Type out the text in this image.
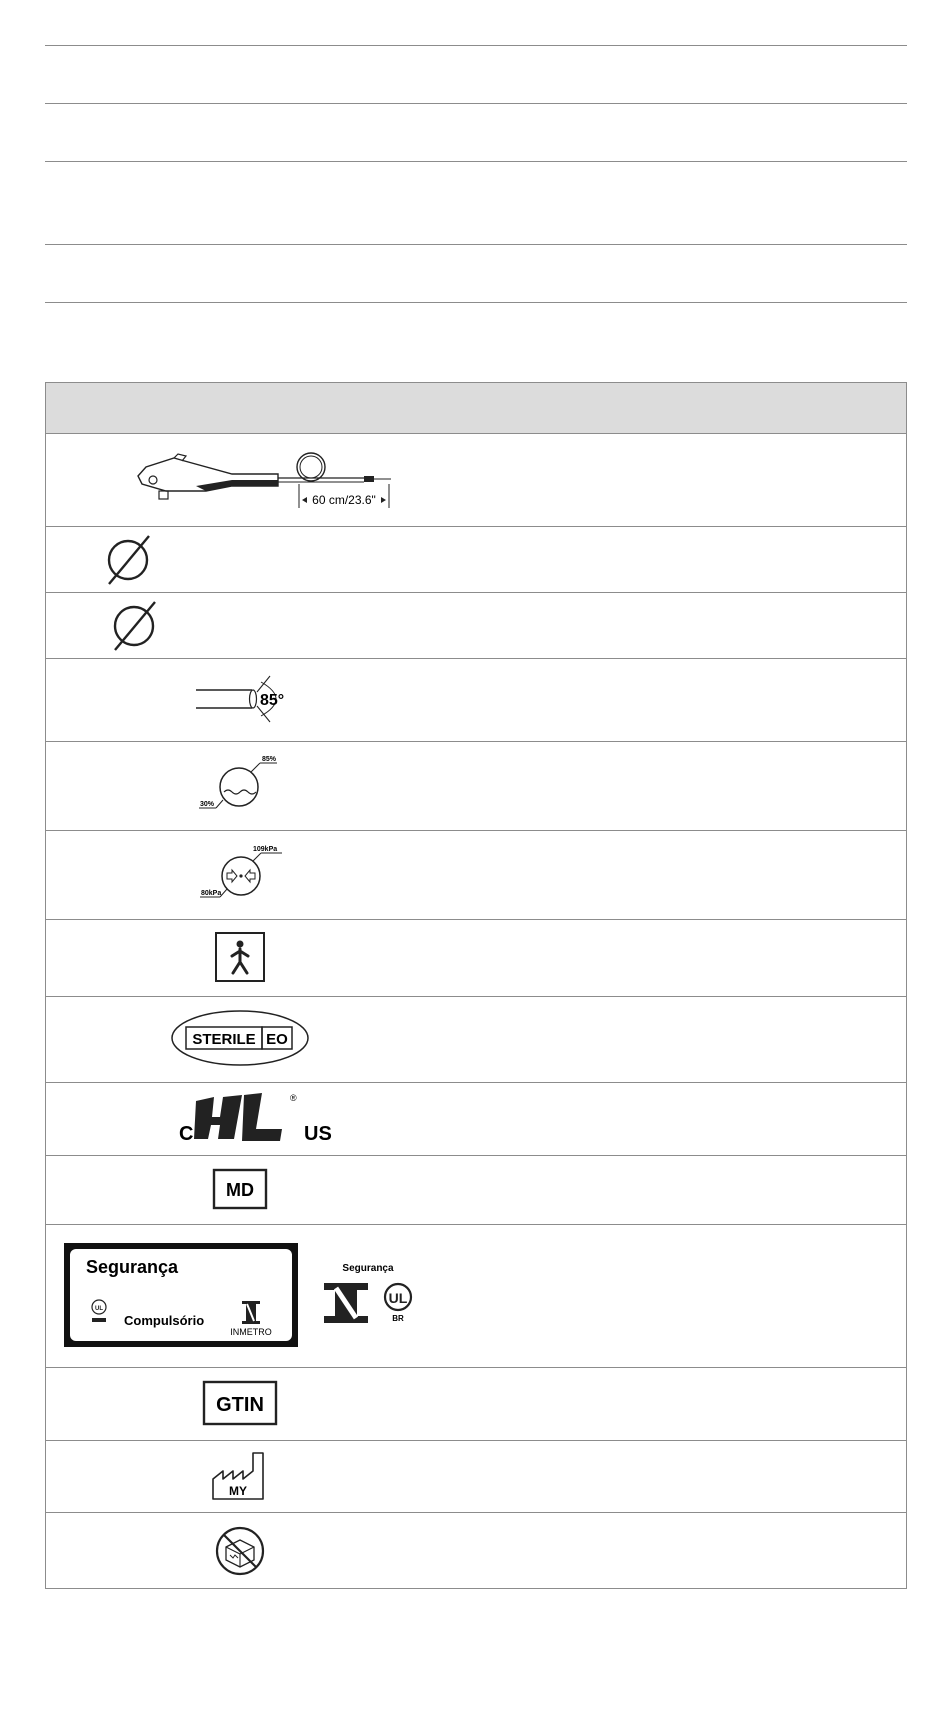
60 cm/23.6"
85°
85%
30%
109kPa
80kPa
STERILE EO
C	US
®
MD
Segurança
UL
Compulsório
INMETRO
Segurança
UL
BR
GTIN
MY
